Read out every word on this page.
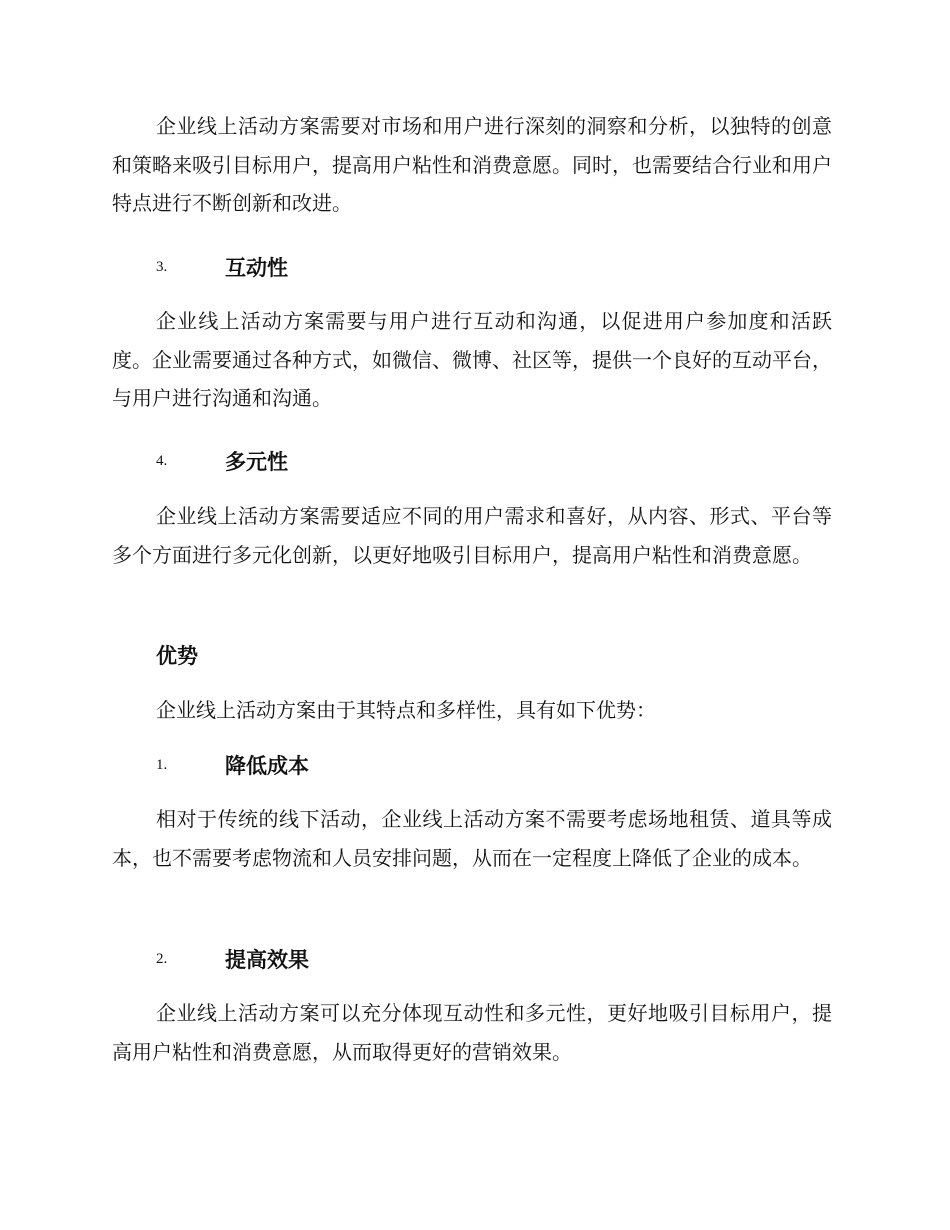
企业线上活动方案需要对市场和用户进行深刻的洞察和分析，以独特的创意和策略来吸引目标用户，提高用户粘性和消费意愿。同时，也需要结合行业和用户特点进行不断创新和改进。

3.	互动性

企业线上活动方案需要与用户进行互动和沟通，以促进用户参加度和活跃度。企业需要通过各种方式，如微信、微博、社区等，提供一个良好的互动平台，与用户进行沟通和沟通。

4.	多元性

企业线上活动方案需要适应不同的用户需求和喜好，从内容、形式、平台等多个方面进行多元化创新，以更好地吸引目标用户，提高用户粘性和消费意愿。

优势

企业线上活动方案由于其特点和多样性，具有如下优势：

1.	降低成本

相对于传统的线下活动，企业线上活动方案不需要考虑场地租赁、道具等成本，也不需要考虑物流和人员安排问题，从而在一定程度上降低了企业的成本。

2.	提高效果

企业线上活动方案可以充分体现互动性和多元性，更好地吸引目标用户，提高用户粘性和消费意愿，从而取得更好的营销效果。
